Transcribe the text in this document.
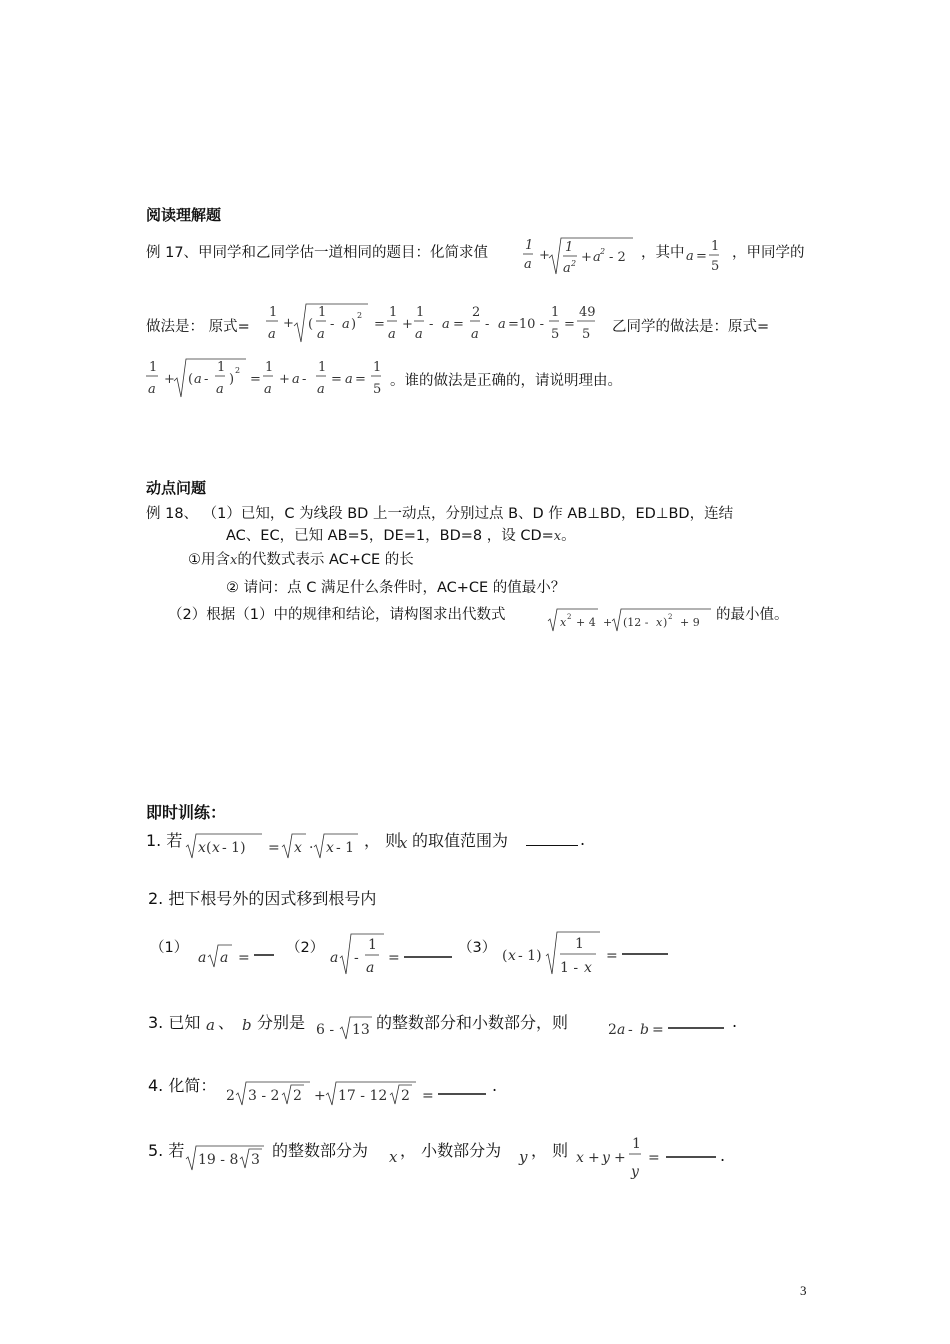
阅读理解题
例 17、甲同学和乙同学估一道相同的题目：化简求值	1
a
+
1
a 2 + a 2 - 2 ，其中 a =
1
5
，甲同学的
做法是： 原式=
1
a
+ (
1
a
- a )
2
=
1
a
+
1
a
- a =
2
a
- a =10 -
1
5
=
49
5 乙同学的做法是：原式=
1
a
+ ( a -
1
a
)
2
=
1
a
+ a -
1
a
= a =
1
5
。谁的做法是正确的，请说明理由。
动点问题
例 18、 （1）已知，C 为线段 BD 上一动点，分别过点 B、D 作 AB⊥BD，ED⊥BD，连结
AC、EC，已知 AB=5，DE=1，BD=8 ，设 CD=x。
①用含x的代数式表示 AC+CE 的长
② 请问：点 C 满足什么条件时，AC+CE 的值最小？
（2）根据（1）中的规律和结论，请构图求出代数式	x 2 + 4 + (12 - x ) 2 + 9 的最小值。
即时训练：
1. 若 x ( x - 1) = x · x - 1 ， 则
x 的取值范围为	.
2. 把下根号外的因式移到根号内
（1）
a a =
（2）
a -
1
a
=
（3） ( x - 1)
1
1 - x
=
3. 已知 a 、 b 分别是 6 - 13 的整数部分和小数部分，则	2 a - b =	.
4. 化简：
2 3 - 2 2 + 17 - 12 2 =
.
5. 若 19 - 8 3 的整数部分为 x ， 小数部分为 y ， 则 x + y +
1
y
=	.
3
